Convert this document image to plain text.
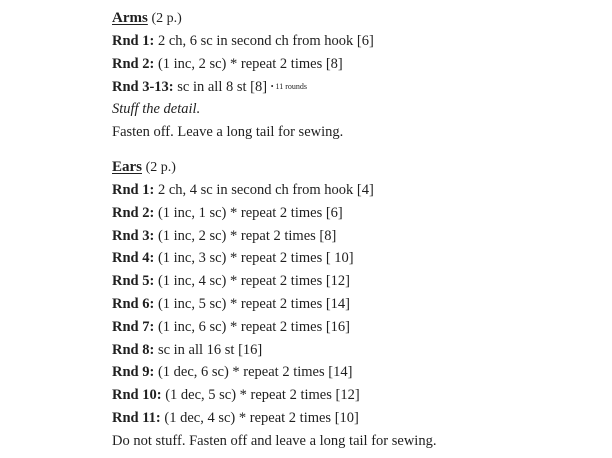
Arms (2 p.)
Rnd 1: 2 ch, 6 sc in second ch from hook [6]
Rnd 2: (1 inc, 2 sc) * repeat 2 times [8]
Rnd 3-13: sc in all 8 st [8] • 11 rounds
Stuff the detail.
Fasten off. Leave a long tail for sewing.
Ears (2 p.)
Rnd 1: 2 ch, 4 sc in second ch from hook [4]
Rnd 2: (1 inc, 1 sc) * repeat 2 times [6]
Rnd 3: (1 inc, 2 sc) * repat 2 times [8]
Rnd 4: (1 inc, 3 sc) * repeat 2 times [ 10]
Rnd 5: (1 inc, 4 sc) * repeat 2 times [12]
Rnd 6: (1 inc, 5 sc) * repeat 2 times [14]
Rnd 7: (1 inc, 6 sc) * repeat 2 times [16]
Rnd 8: sc in all 16 st [16]
Rnd 9: (1 dec, 6 sc) * repeat 2 times [14]
Rnd 10: (1 dec, 5 sc) * repeat 2 times [12]
Rnd 11: (1 dec, 4 sc) * repeat 2 times [10]
Do not stuff. Fasten off and leave a long tail for sewing.
